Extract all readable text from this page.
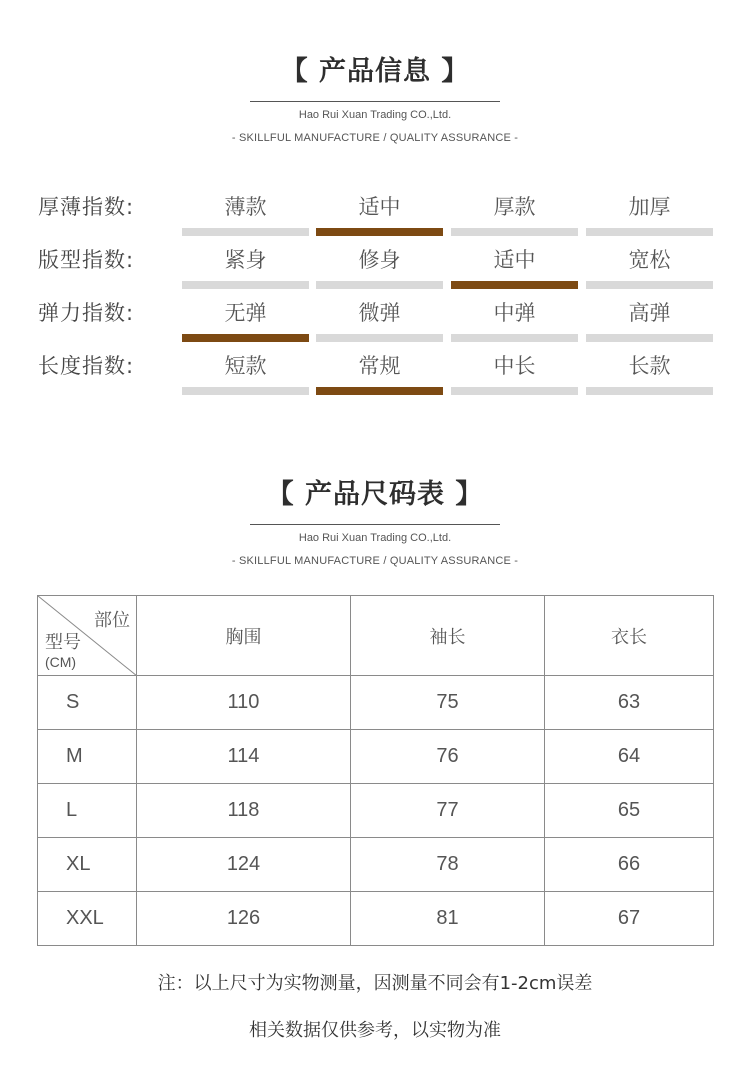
【 产品信息 】
Hao Rui Xuan Trading CO.,Ltd.
- SKILLFUL MANUFACTURE / QUALITY ASSURANCE -
厚薄指数:	薄款	适中	厚款	加厚
版型指数:	紧身	修身	适中	宽松
弹力指数:	无弹	微弹	中弹	高弹
长度指数:	短款	常规	中长	长款
【 产品尺码表 】
Hao Rui Xuan Trading CO.,Ltd.
- SKILLFUL MANUFACTURE / QUALITY ASSURANCE -
部位
型号
(CM)	胸围	袖长	衣长
S	110	75	63
M	114	76	64
L	118	77	65
XL	124	78	66
XXL	126	81	67
注：以上尺寸为实物测量，因测量不同会有1-2cm误差
相关数据仅供参考，以实物为准
